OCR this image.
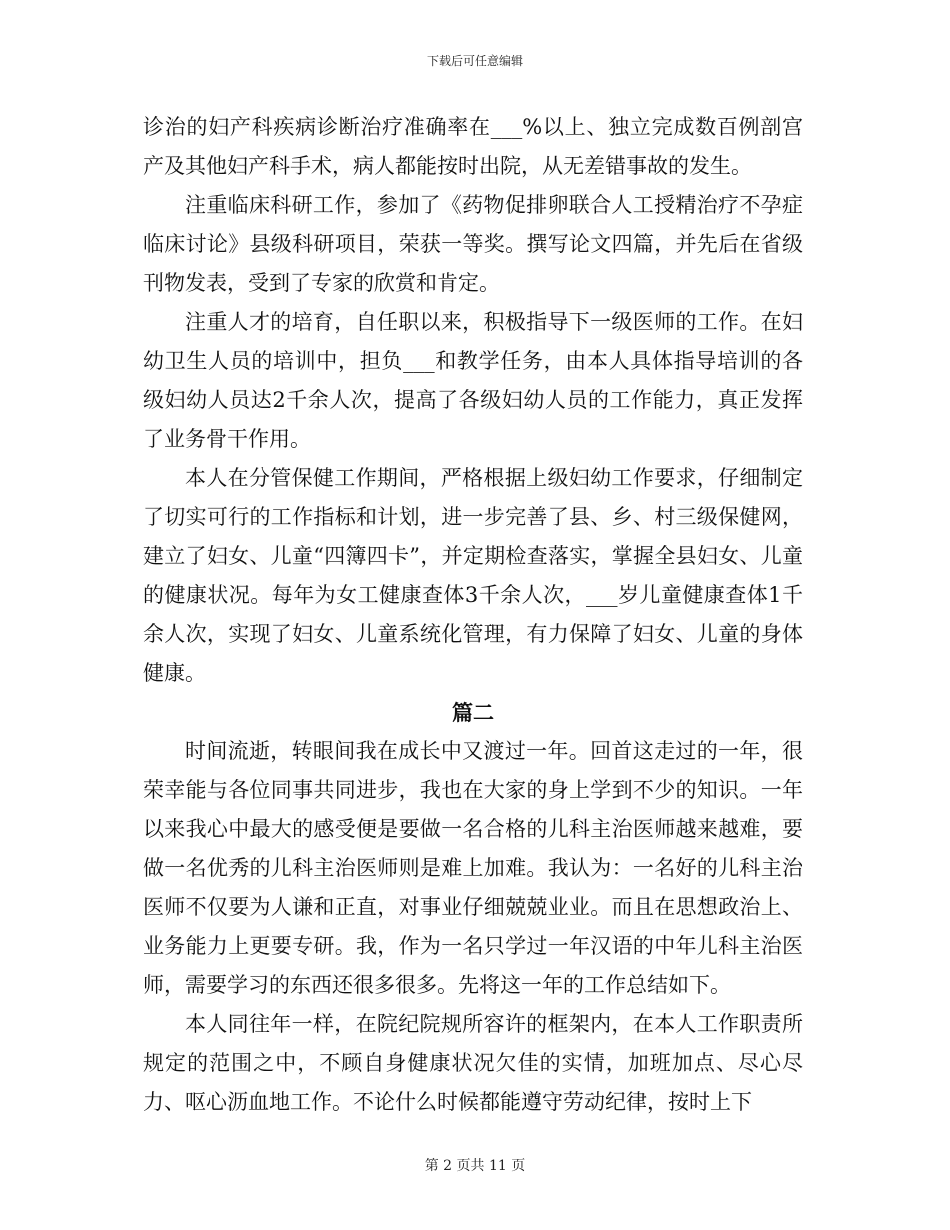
下载后可任意编辑

诊治的妇产科疾病诊断治疗准确率在___%以上、独立完成数百例剖宫产及其他妇产科手术，病人都能按时出院，从无差错事故的发生。

注重临床科研工作，参加了《药物促排卵联合人工授精治疗不孕症临床讨论》县级科研项目，荣获一等奖。撰写论文四篇，并先后在省级刊物发表，受到了专家的欣赏和肯定。

注重人才的培育，自任职以来，积极指导下一级医师的工作。在妇幼卫生人员的培训中，担负___和教学任务，由本人具体指导培训的各级妇幼人员达2千余人次，提高了各级妇幼人员的工作能力，真正发挥了业务骨干作用。

本人在分管保健工作期间，严格根据上级妇幼工作要求，仔细制定了切实可行的工作指标和计划，进一步完善了县、乡、村三级保健网，建立了妇女、儿童“四簿四卡”，并定期检查落实，掌握全县妇女、儿童的健康状况。每年为女工健康查体3千余人次，___岁儿童健康查体1千余人次，实现了妇女、儿童系统化管理，有力保障了妇女、儿童的身体健康。

篇二

时间流逝，转眼间我在成长中又渡过一年。回首这走过的一年，很荣幸能与各位同事共同进步，我也在大家的身上学到不少的知识。一年以来我心中最大的感受便是要做一名合格的儿科主治医师越来越难，要做一名优秀的儿科主治医师则是难上加难。我认为：一名好的儿科主治医师不仅要为人谦和正直，对事业仔细兢兢业业。而且在思想政治上、业务能力上更要专研。我，作为一名只学过一年汉语的中年儿科主治医师，需要学习的东西还很多很多。先将这一年的工作总结如下。

本人同往年一样，在院纪院规所容许的框架内，在本人工作职责所规定的范围之中，不顾自身健康状况欠佳的实情，加班加点、尽心尽力、呕心沥血地工作。不论什么时候都能遵守劳动纪律，按时上下

第 2 页共 11 页
